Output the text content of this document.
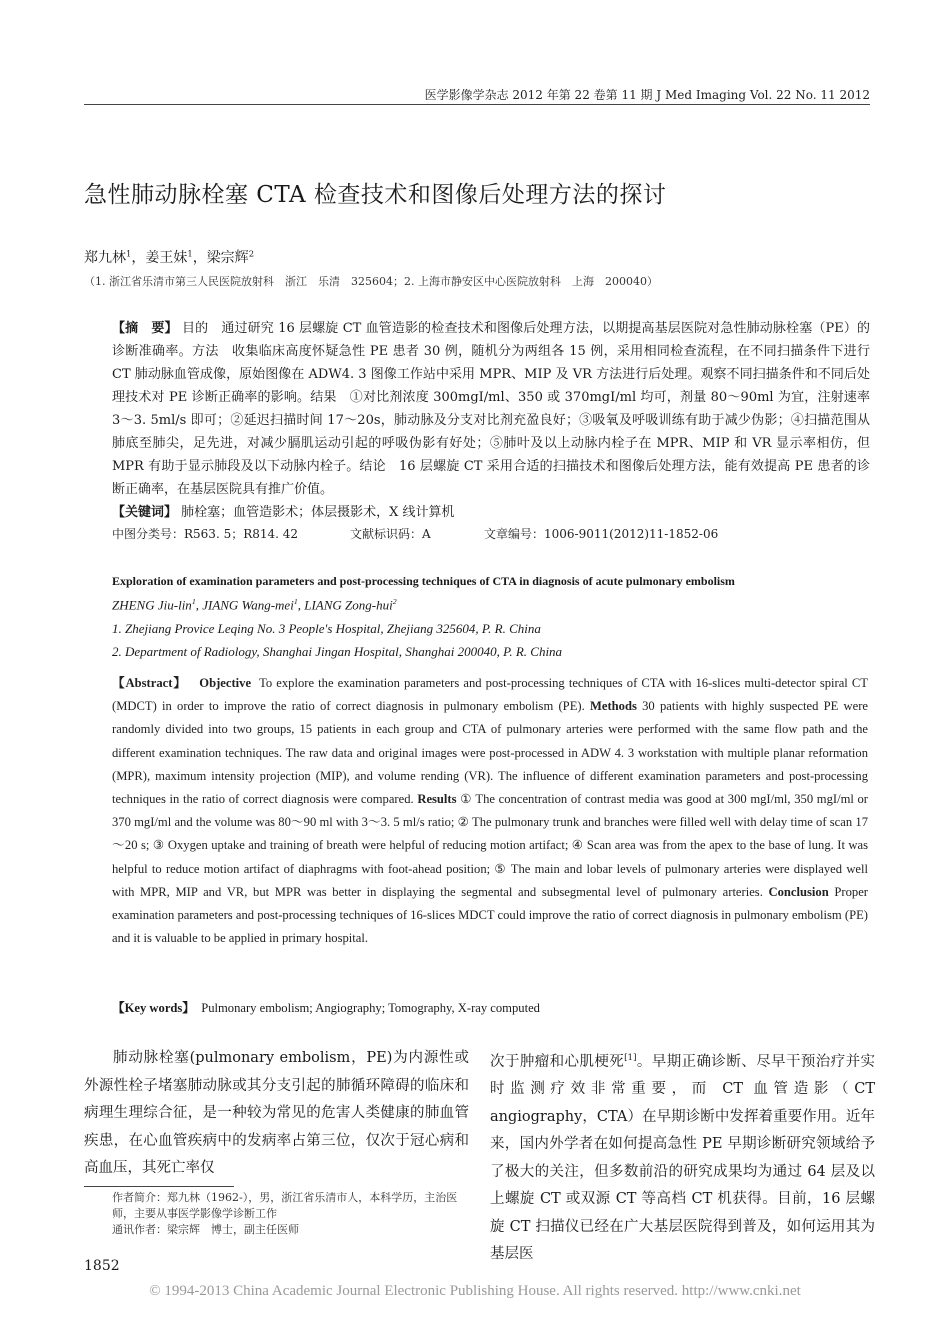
医学影像学杂志 2012 年第 22 卷第 11 期 J Med Imaging Vol. 22 No. 11 2012
急性肺动脉栓塞 CTA 检查技术和图像后处理方法的探讨
郑九林$^1$，姜王妹$^1$，梁宗辉$^2$
（1. 浙江省乐清市第三人民医院放射科　浙江　乐清　325604；2. 上海市静安区中心医院放射科　上海　200040）
【摘　要】 目的　通过研究 16 层螺旋 CT 血管造影的检查技术和图像后处理方法，以期提高基层医院对急性肺动脉栓塞（PE）的诊断准确率。方法　收集临床高度怀疑急性 PE 患者 30 例，随机分为两组各 15 例，采用相同检查流程，在不同扫描条件下进行 CT 肺动脉血管成像，原始图像在 ADW4. 3 图像工作站中采用 MPR、MIP 及 VR 方法进行后处理。观察不同扫描条件和不同后处理技术对 PE 诊断正确率的影响。结果　①对比剂浓度 300mgI/ml、350 或 370mgI/ml 均可，剂量 80～90ml 为宜，注射速率 3～3. 5ml/s 即可；②延迟扫描时间 17～20s，肺动脉及分支对比剂充盈良好；③吸氧及呼吸训练有助于减少伪影；④扫描范围从肺底至肺尖，足先进，对减少膈肌运动引起的呼吸伪影有好处；⑤肺叶及以上动脉内栓子在 MPR、MIP 和 VR 显示率相仿，但 MPR 有助于显示肺段及以下动脉内栓子。结论　16 层螺旋 CT 采用合适的扫描技术和图像后处理方法，能有效提高 PE 患者的诊断正确率，在基层医院具有推广价值。
【关键词】 肺栓塞；血管造影术；体层摄影术，X 线计算机
中图分类号：R563. 5；R814. 42	文献标识码：A	文章编号：1006-9011(2012)11-1852-06
Exploration of examination parameters and post-processing techniques of CTA in diagnosis of acute pulmonary embolism
ZHENG Jiu-lin$^1$, JIANG Wang-mei$^1$, LIANG Zong-hui$^2$
1. Zhejiang Provice Leqing No. 3 People's Hospital, Zhejiang 325604, P. R. China
2. Department of Radiology, Shanghai Jingan Hospital, Shanghai 200040, P. R. China
【Abstract】 Objective To explore the examination parameters and post-processing techniques of CTA with 16-slices multi-detector spiral CT (MDCT) in order to improve the ratio of correct diagnosis in pulmonary embolism (PE). Methods 30 patients with highly suspected PE were randomly divided into two groups, 15 patients in each group and CTA of pulmonary arteries were performed with the same flow path and the different examination techniques. The raw data and original images were post-processed in ADW 4. 3 workstation with multiple planar reformation (MPR), maximum intensity projection (MIP), and volume rending (VR). The influence of different examination parameters and post-processing techniques in the ratio of correct diagnosis were compared. Results ① The concentration of contrast media was good at 300 mgI/ml, 350 mgI/ml or 370 mgI/ml and the volume was 80～90 ml with 3～3. 5 ml/s ratio; ② The pulmonary trunk and branches were filled well with delay time of scan 17～20 s; ③ Oxygen uptake and training of breath were helpful of reducing motion artifact; ④ Scan area was from the apex to the base of lung. It was helpful to reduce motion artifact of diaphragms with foot-ahead position; ⑤ The main and lobar levels of pulmonary arteries were displayed well with MPR, MIP and VR, but MPR was better in displaying the segmental and subsegmental level of pulmonary arteries. Conclusion Proper examination parameters and post-processing techniques of 16-slices MDCT could improve the ratio of correct diagnosis in pulmonary embolism (PE) and it is valuable to be applied in primary hospital.
【Key words】 Pulmonary embolism; Angiography; Tomography, X-ray computed
肺动脉栓塞(pulmonary embolism，PE)为内源性或外源性栓子堵塞肺动脉或其分支引起的肺循环障碍的临床和病理生理综合征，是一种较为常见的危害人类健康的肺血管疾患，在心血管疾病中的发病率占第三位，仅次于冠心病和高血压，其死亡率仅
次于肿瘤和心肌梗死[1]。早期正确诊断、尽早干预治疗并实时监测疗效非常重要，而 CT 血管造影（CT angiography，CTA）在早期诊断中发挥着重要作用。近年来，国内外学者在如何提高急性 PE 早期诊断研究领域给予了极大的关注，但多数前沿的研究成果均为通过 64 层及以上螺旋 CT 或双源 CT 等高档 CT 机获得。目前，16 层螺旋 CT 扫描仪已经在广大基层医院得到普及，如何运用其为基层医
作者简介：郑九林（1962-），男，浙江省乐清市人，本科学历，主治医师，主要从事医学影像学诊断工作
通讯作者：梁宗辉　博士，副主任医师
1852
© 1994-2013 China Academic Journal Electronic Publishing House. All rights reserved. http://www.cnki.net
